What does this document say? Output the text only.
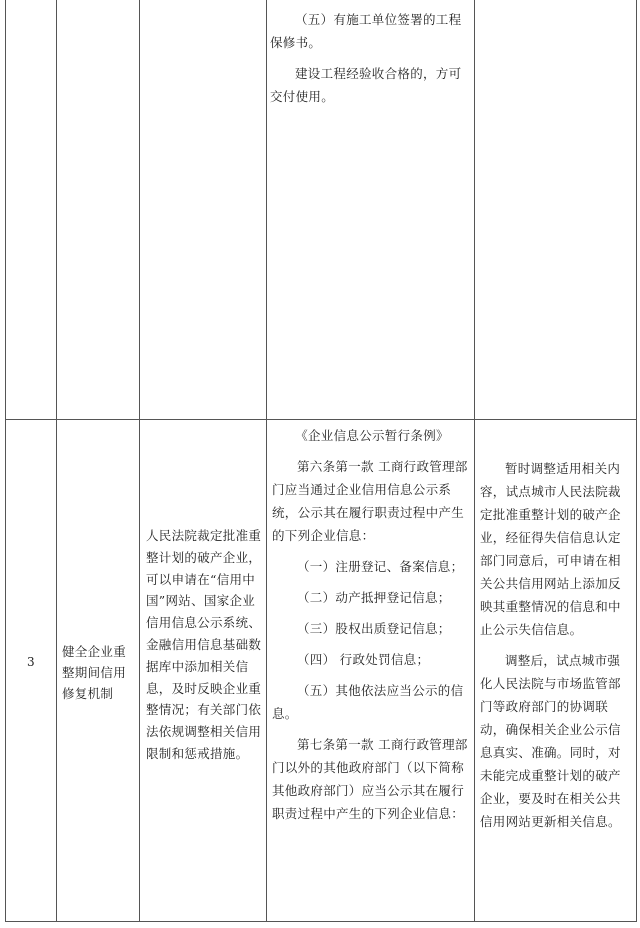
（五）有施工单位签署的工程保修书。

建设工程经验收合格的，方可交付使用。

3
健全企业重整期间信用修复机制
人民法院裁定批准重整计划的破产企业，可以申请在“信用中国”网站、国家企业信用信息公示系统、金融信用信息基础数据库中添加相关信息，及时反映企业重整情况；有关部门依法依规调整相关信用限制和惩戒措施。
《企业信息公示暂行条例》

第六条第一款 工商行政管理部门应当通过企业信用信息公示系统，公示其在履行职责过程中产生的下列企业信息：

（一）注册登记、备案信息；

（二）动产抵押登记信息；

（三）股权出质登记信息；

（四） 行政处罚信息；

（五）其他依法应当公示的信息。

第七条第一款 工商行政管理部门以外的其他政府部门（以下简称其他政府部门）应当公示其在履行职责过程中产生的下列企业信息：

暂时调整适用相关内容，试点城市人民法院裁定批准重整计划的破产企业，经征得失信信息认定部门同意后，可申请在相关公共信用网站上添加反映其重整情况的信息和中止公示失信信息。

调整后，试点城市强化人民法院与市场监管部门等政府部门的协调联动，确保相关企业公示信息真实、准确。同时，对未能完成重整计划的破产企业，要及时在相关公共信用网站更新相关信息。
